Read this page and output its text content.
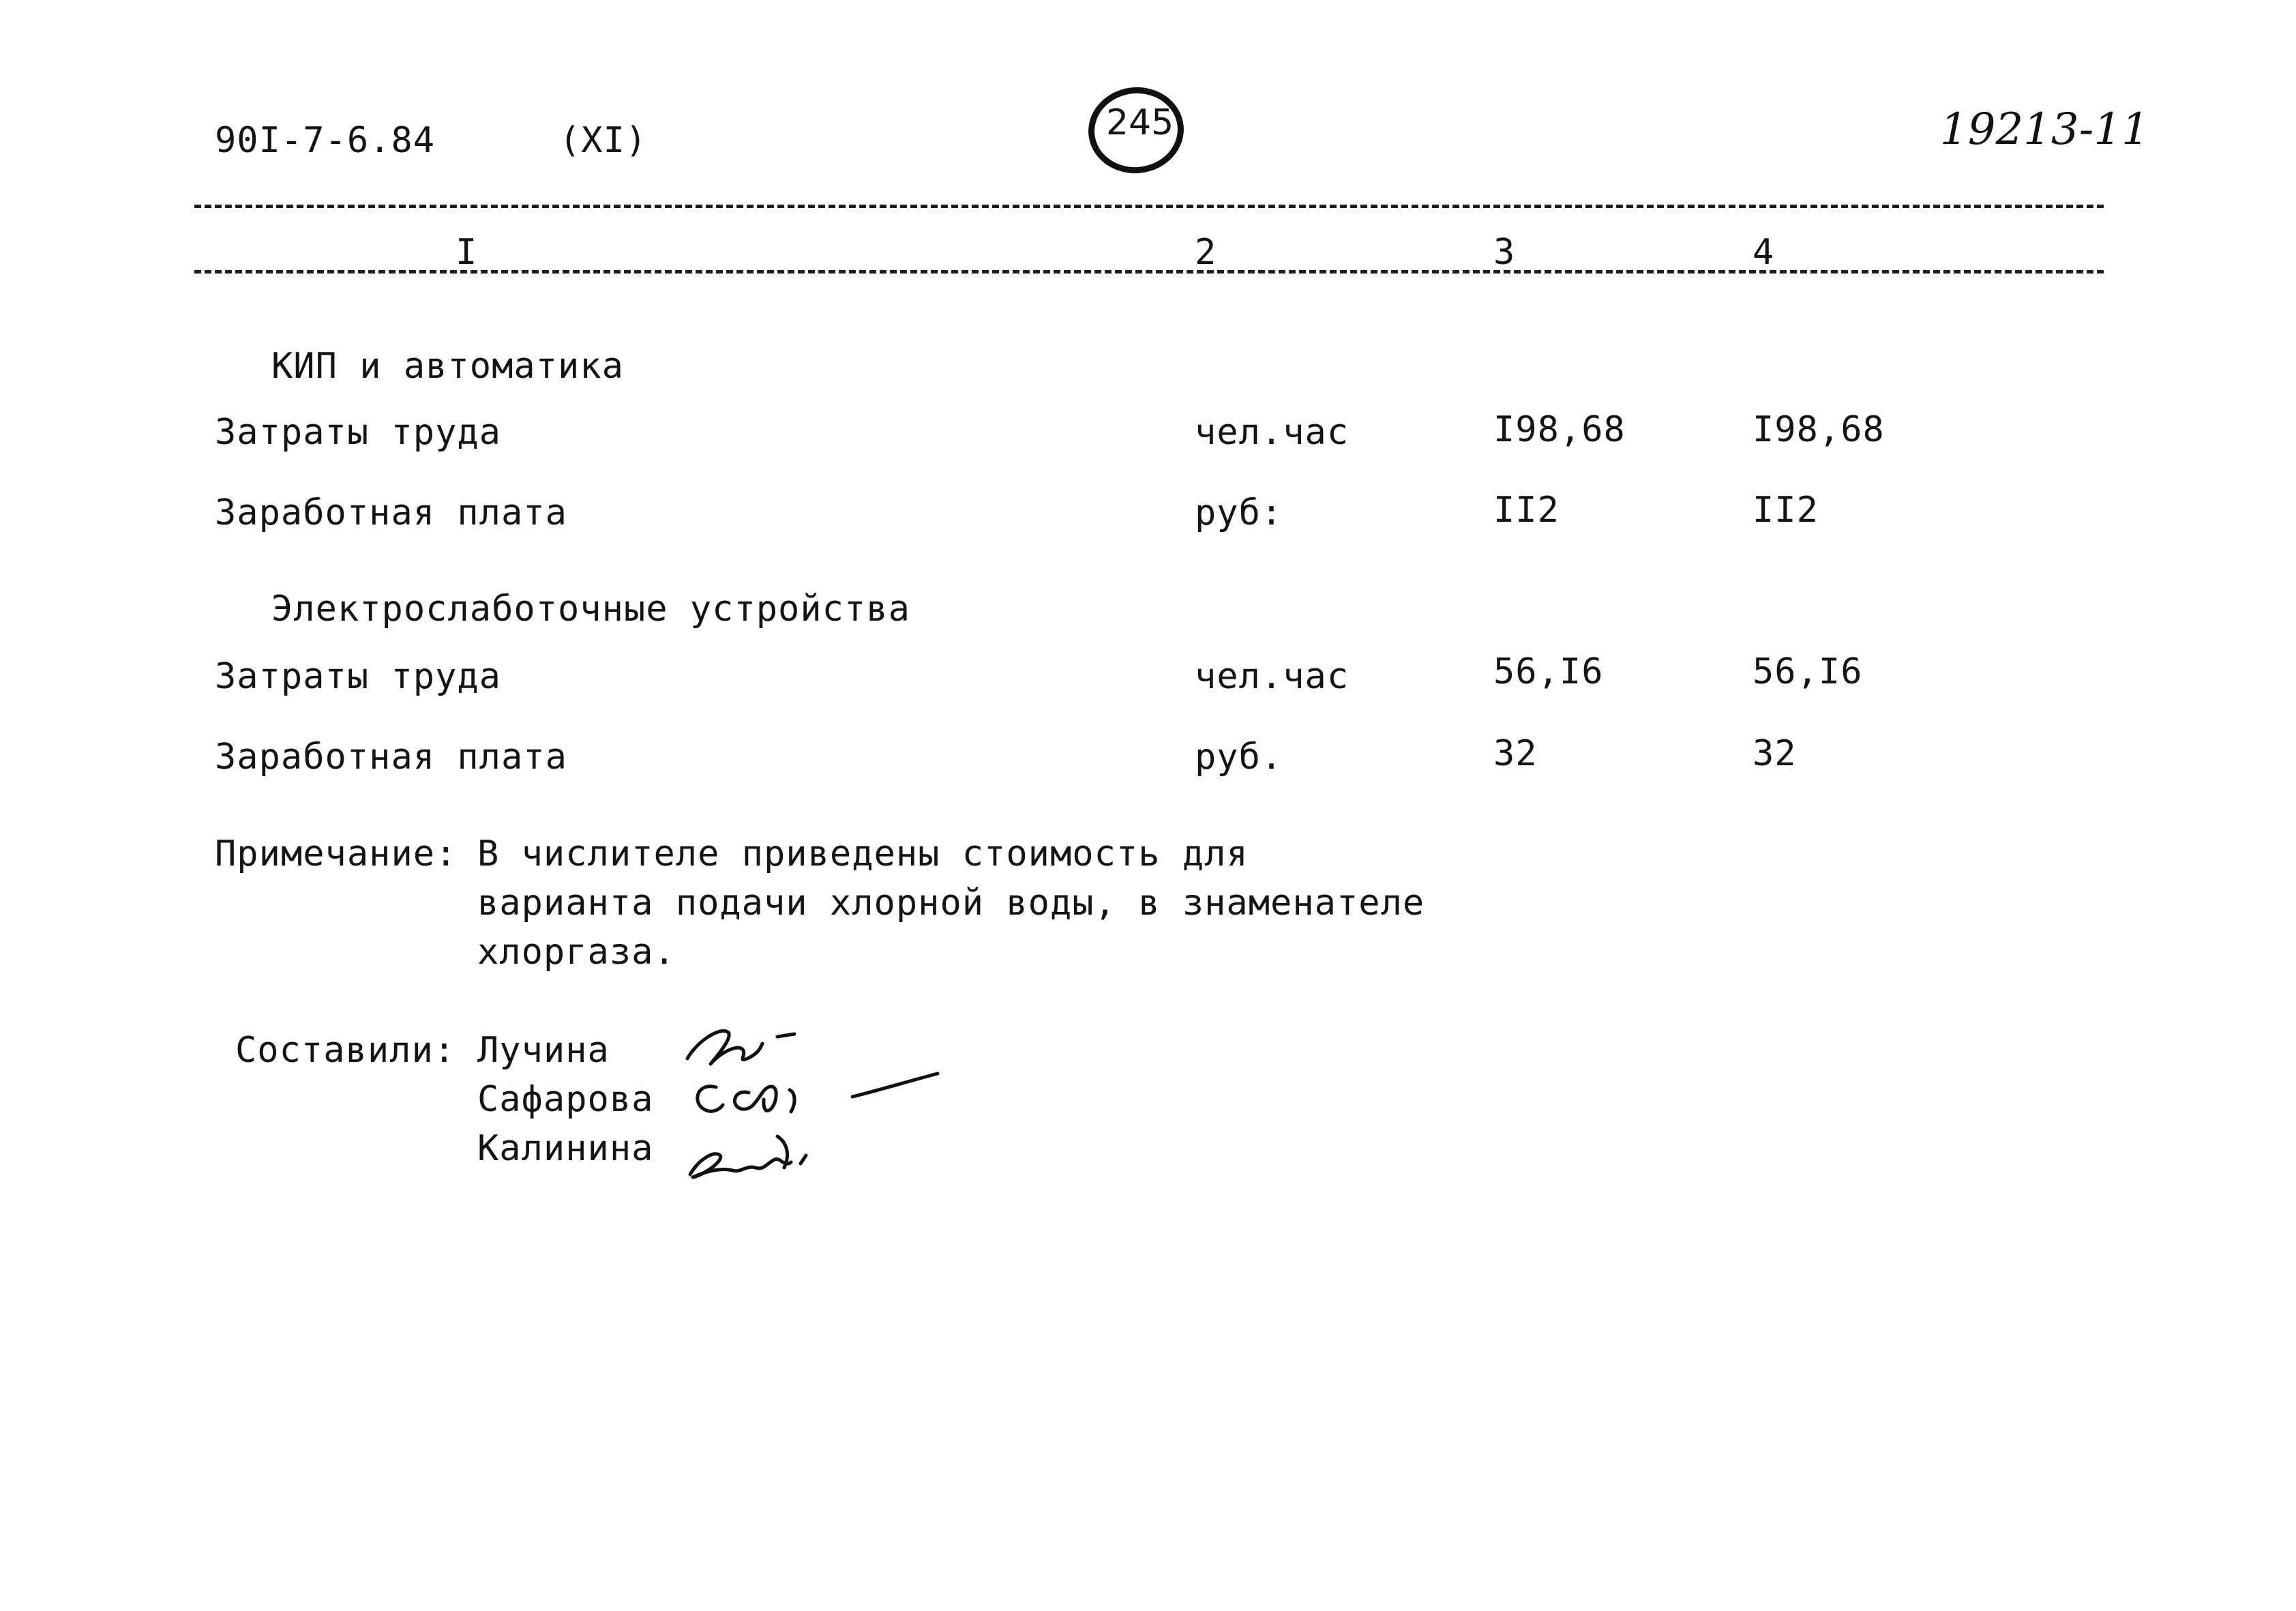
90I-7-6.84	(XI)	245	19213-11
I	2	3	4
КИП и автоматика
Затраты труда	чел.час	I98,68	I98,68
Заработная плата	руб:	II2	II2
Электрослаботочные устройства
Затраты труда	чел.час	56,I6	56,I6
Заработная плата	руб.	32	32
Примечание: В числителе приведены стоимость для
варианта подачи хлорной воды, в знаменателе
хлоргаза.
Составили: Лучина
Сафарова
Калинина
